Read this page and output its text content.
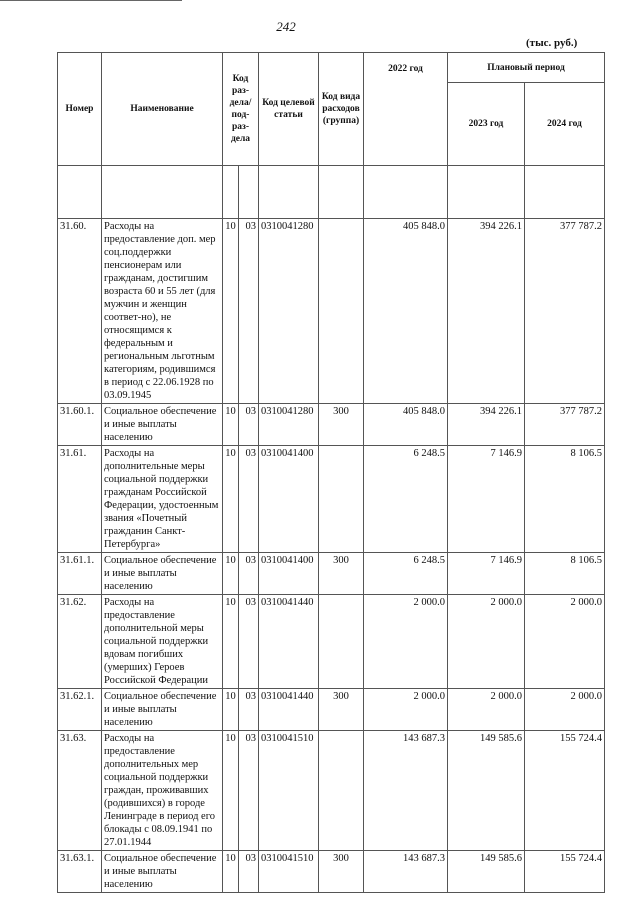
242
(тыс. руб.)
Номер	Наименование	Код раз-дела/ под-раз-дела		Код целевой статьи	Код вида расходов (группа)	2022 год	Плановый период	
							2023 год	2024 год

31.60.	Расходы на предоставление доп. мер соц.поддержки пенсионерам или гражданам, достигшим возраста 60 и 55 лет (для мужчин и женщин соответ-но), не относящимся к федеральным и региональным льготным категориям, родившимся в период с 22.06.1928 по 03.09.1945	10	03	0310041280		405 848.0	394 226.1	377 787.2
31.60.1.	Социальное обеспечение и иные выплаты населению	10	03	0310041280	300	405 848.0	394 226.1	377 787.2
31.61.	Расходы на дополнительные меры социальной поддержки гражданам Российской Федерации, удостоенным звания «Почетный гражданин Санкт-Петербурга»	10	03	0310041400		6 248.5	7 146.9	8 106.5
31.61.1.	Социальное обеспечение и иные выплаты населению	10	03	0310041400	300	6 248.5	7 146.9	8 106.5
31.62.	Расходы на предоставление дополнительной меры социальной поддержки вдовам погибших (умерших) Героев Российской Федерации	10	03	0310041440		2 000.0	2 000.0	2 000.0
31.62.1.	Социальное обеспечение и иные выплаты населению	10	03	0310041440	300	2 000.0	2 000.0	2 000.0
31.63.	Расходы на предоставление дополнительных мер социальной поддержки граждан, проживавших (родившихся) в городе Ленинграде в период его блокады с 08.09.1941 по 27.01.1944	10	03	0310041510		143 687.3	149 585.6	155 724.4
31.63.1.	Социальное обеспечение и иные выплаты населению	10	03	0310041510	300	143 687.3	149 585.6	155 724.4
